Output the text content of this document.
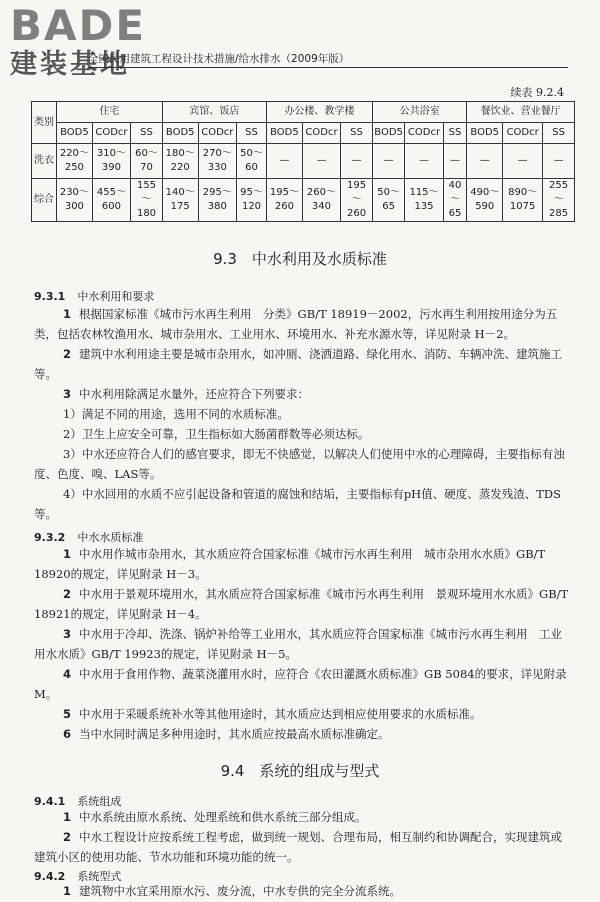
BADE
建装基地
全国民用建筑工程设计技术措施/给水排水（2009年版）
续表 9.2.4
类别	住宅			宾馆、饭店			办公楼、教学楼			公共浴室			餐饮业、营业餐厅		
	BOD5	CODcr	SS	BOD5	CODcr	SS	BOD5	CODcr	SS	BOD5	CODcr	SS	BOD5	CODcr	SS
洗衣	220～250	310～390	60～70	180～220	270～330	50～60	—	—	—	—	—	—	—	—	—
综合	230～300	455～600	155～180	140～175	295～380	95～120	195～260	260～340	195～260	50～65	115～135	40～65	490～590	890～1075	255～285
9.3　中水利用及水质标准
9.3.1 中水利用和要求
1 根据国家标准《城市污水再生利用　分类》GB/T 18919－2002，污水再生利用按用途分为五类，包括农林牧渔用水、城市杂用水、工业用水、环境用水、补充水源水等，详见附录 H－2。
2 建筑中水利用途主要是城市杂用水，如冲厕、浇洒道路、绿化用水、消防、车辆冲洗、建筑施工等。
3 中水利用除满足水量外，还应符合下列要求：
1）满足不同的用途，选用不同的水质标准。
2）卫生上应安全可靠，卫生指标如大肠菌群数等必须达标。
3）中水还应符合人们的感官要求，即无不快感觉，以解决人们使用中水的心理障碍，主要指标有浊度、色度、嗅、LAS等。
4）中水回用的水质不应引起设备和管道的腐蚀和结垢，主要指标有pH值、硬度、蒸发残渣、TDS等。
9.3.2 中水水质标准
1 中水用作城市杂用水，其水质应符合国家标准《城市污水再生利用　城市杂用水水质》GB/T 18920的规定，详见附录 H－3。
2 中水用于景观环境用水，其水质应符合国家标准《城市污水再生利用　景观环境用水水质》GB/T 18921的规定，详见附录 H－4。
3 中水用于冷却、洗涤、锅炉补给等工业用水，其水质应符合国家标准《城市污水再生利用　工业用水水质》GB/T 19923的规定，详见附录 H－5。
4 中水用于食用作物、蔬菜浇灌用水时，应符合《农田灌溉水质标准》GB 5084的要求，详见附录 M。
5 中水用于采暖系统补水等其他用途时，其水质应达到相应使用要求的水质标准。
6 当中水同时满足多种用途时，其水质应按最高水质标准确定。
9.4　系统的组成与型式
9.4.1 系统组成
1 中水系统由原水系统、处理系统和供水系统三部分组成。
2 中水工程设计应按系统工程考虑，做到统一规划、合理布局，相互制约和协调配合，实现建筑或建筑小区的使用功能、节水功能和环境功能的统一。
9.4.2 系统型式
1 建筑物中水宜采用原水污、废分流，中水专供的完全分流系统。
